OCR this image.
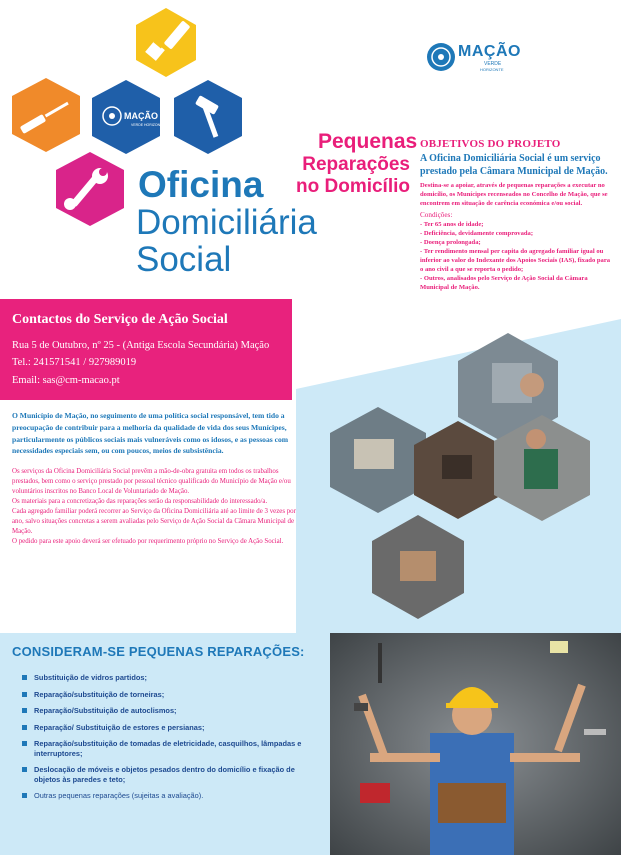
MAÇÃO
VERDE HORIZONTE
MAÇÃO
VERDE
HORIZONTE
Pequenas
Reparações
no Domicílio
Oficina
Domiciliária
Social
OBJETIVOS DO PROJETO

A Oficina Domiciliária Social é um serviço prestado pela Câmara Municipal de Mação.

Destina-se a apoiar, através de pequenas reparações a executar no domicílio, os Munícipes recenseados no Concelho de Mação, que se encontrem em situação de carência económica e/ou social.

Condições:

- Ter 65 anos de idade;

- Deficiência, devidamente comprovada;

- Doença prolongada;

- Ter rendimento mensal per capita do agregado familiar igual ou inferior ao valor do Indexante dos Apoios Sociais (IAS), fixado para o ano civil a que se reporta o pedido;

- Outros, analisados pelo Serviço de Ação Social da Câmara Municipal de Mação.

Contactos do Serviço de Ação Social
Rua 5 de Outubro, nº 25 - (Antiga Escola Secundária) Mação
Tel.: 241571541 / 927989019
Email: sas@cm-macao.pt

O Município de Mação, no seguimento de uma política social responsável, tem tido a preocupação de contribuir para a melhoria da qualidade de vida dos seus Munícipes, particularmente os públicos sociais mais vulneráveis como os idosos, e as pessoas com necessidades especiais sem, ou com poucos, meios de subsistência.

Os serviços da Oficina Domiciliária Social prevêm a mão-de-obra gratuita em todos os trabalhos prestados, bem como o serviço prestado por pessoal técnico qualificado do Município de Mação e/ou voluntários inscritos no Banco Local de Voluntariado de Mação.

Os materiais para a concretização das reparações serão da responsabilidade do interessado/a.

Cada agregado familiar poderá recorrer ao Serviço da Oficina Domiciliária até ao limite de 3 vezes por ano, salvo situações concretas a serem avaliadas pelo Serviço de Ação Social da Câmara Municipal de Mação.

O pedido para este apoio deverá ser efetuado por requerimento próprio no Serviço de Ação Social.

CONSIDERAM-SE PEQUENAS REPARAÇÕES:
Substituição de vidros partidos;
Reparação/substituição de torneiras;
Reparação/Substituição de autoclismos;
Reparação/ Substituição de estores e persianas;
Reparação/substituição de tomadas de eletricidade, casquilhos, lâmpadas e interruptores;
Deslocação de móveis e objetos pesados dentro do domicílio e fixação de objetos às paredes e teto;
Outras pequenas reparações (sujeitas a avaliação).
